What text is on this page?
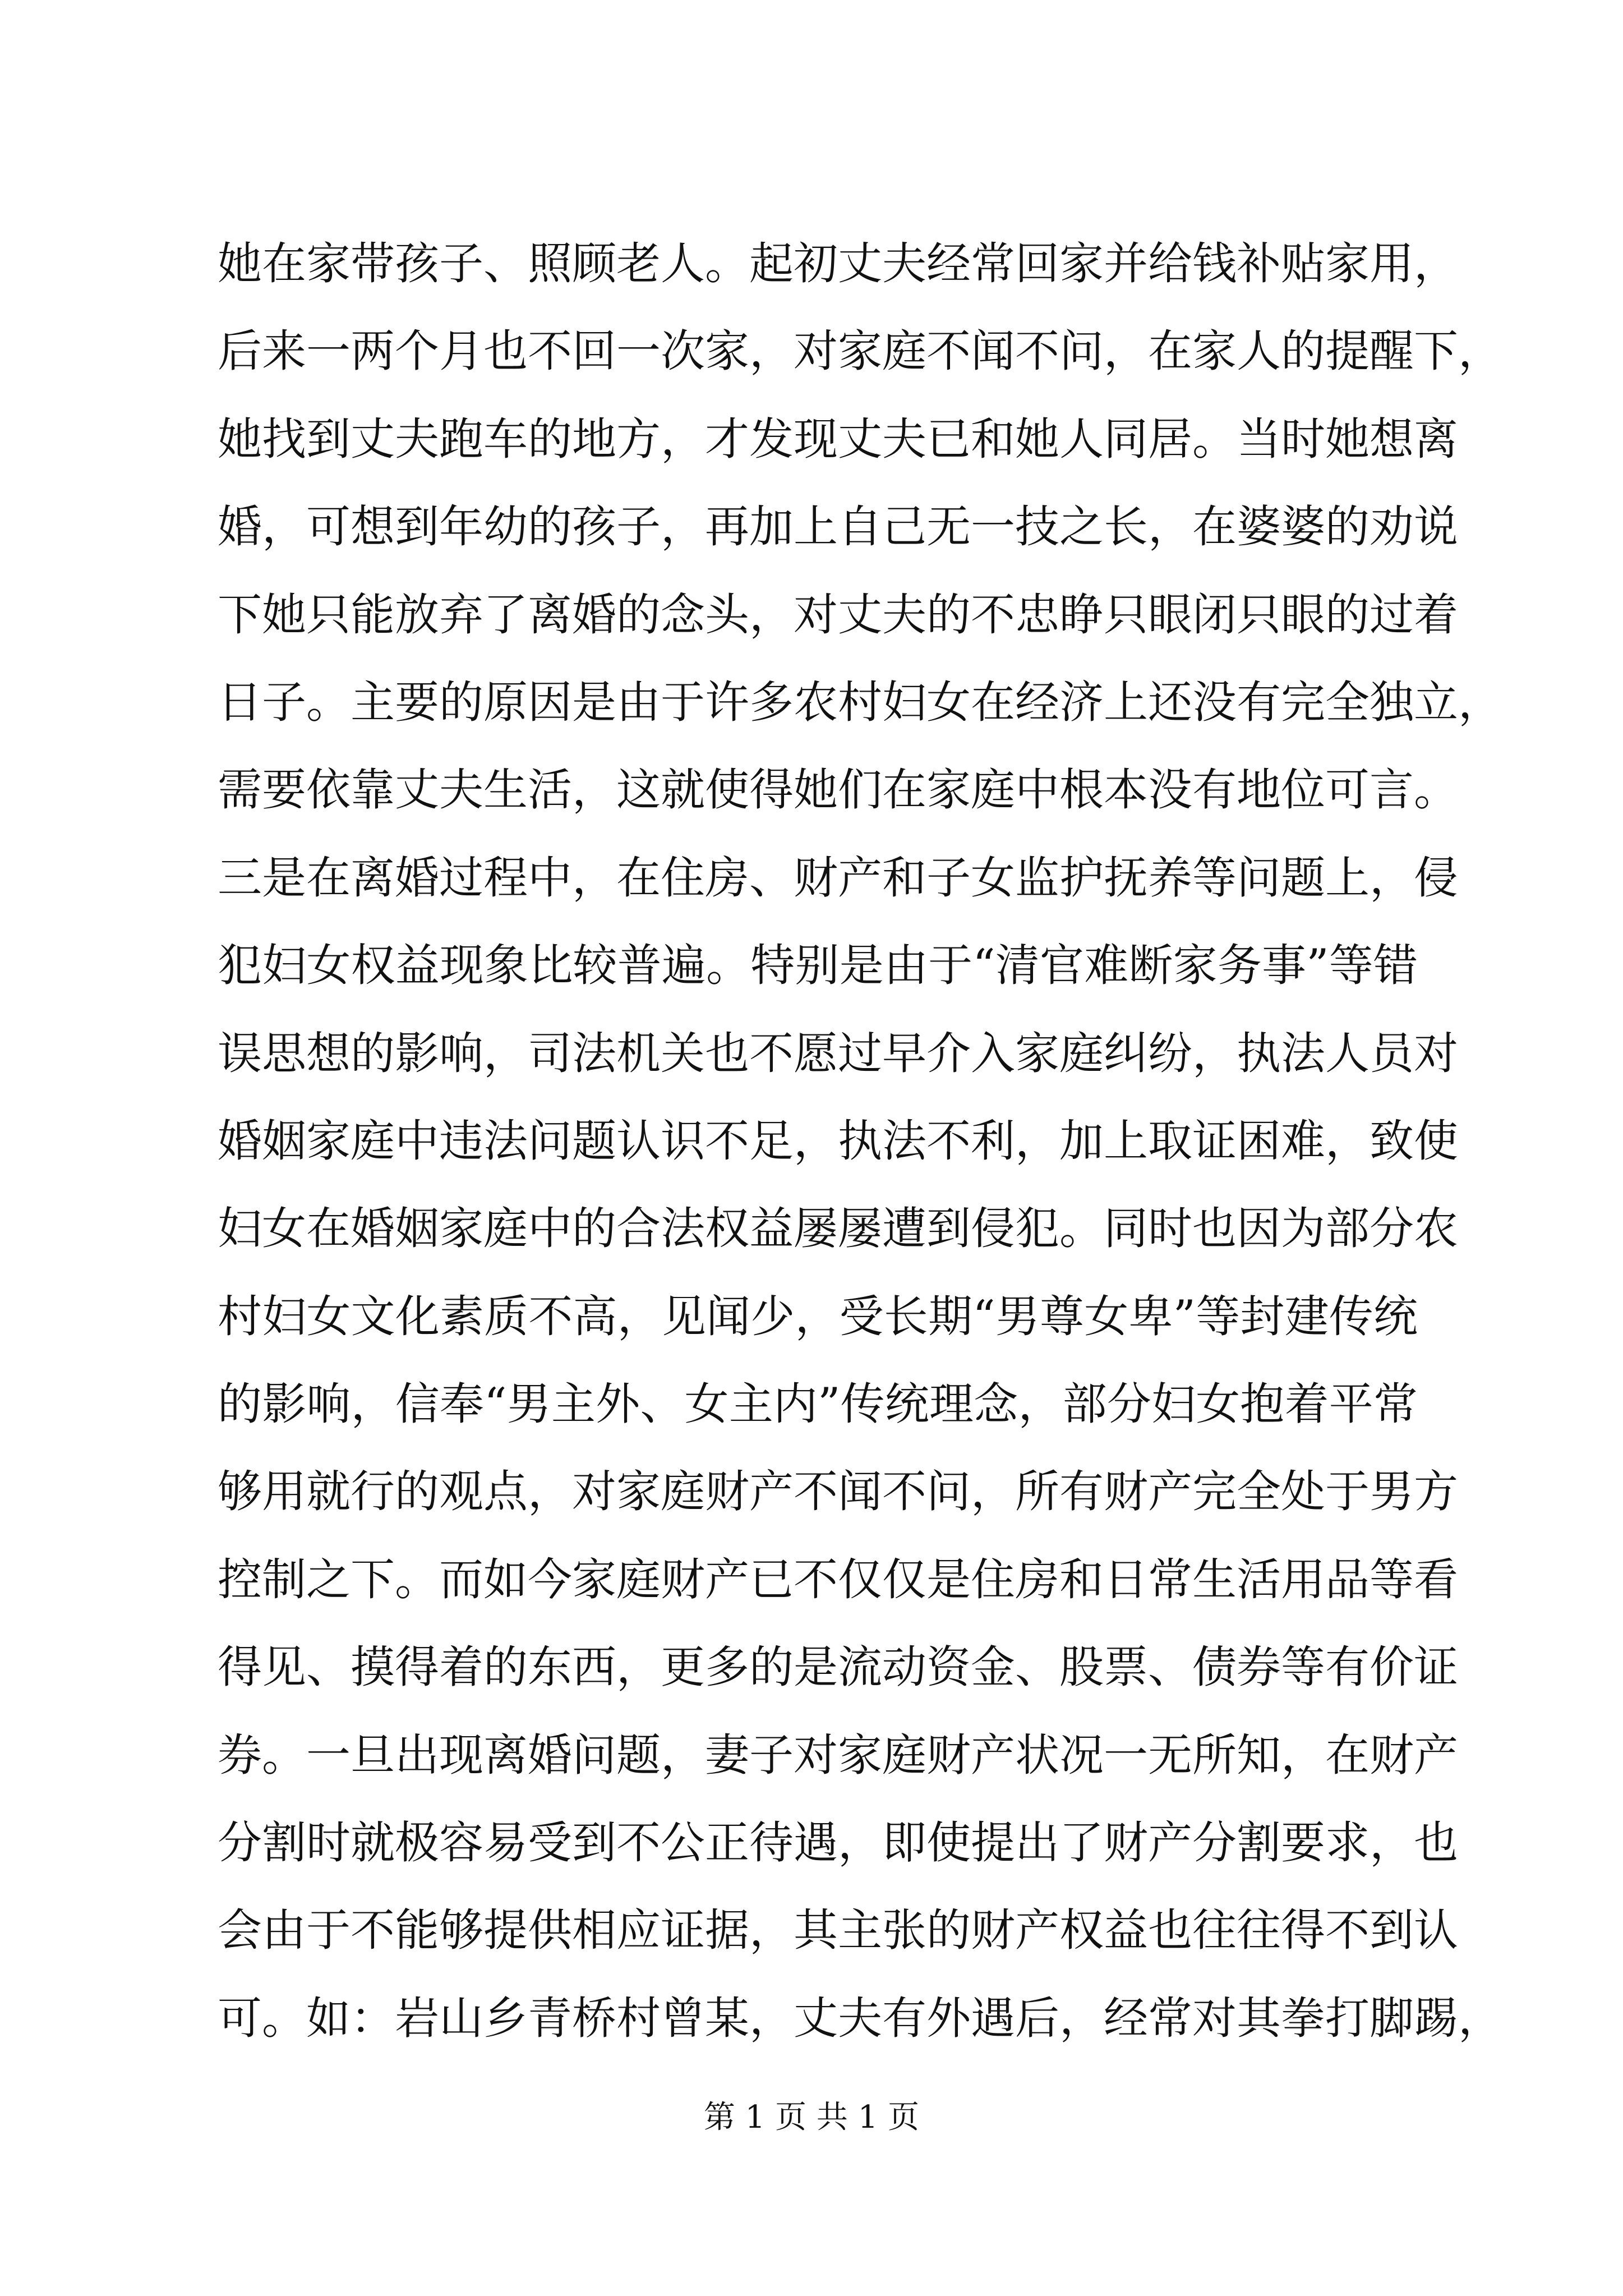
她在家带孩子、照顾老人。起初丈夫经常回家并给钱补贴家用，
后来一两个月也不回一次家，对家庭不闻不问，在家人的提醒下，
她找到丈夫跑车的地方，才发现丈夫已和她人同居。当时她想离
婚，可想到年幼的孩子，再加上自己无一技之长，在婆婆的劝说
下她只能放弃了离婚的念头，对丈夫的不忠睁只眼闭只眼的过着
日子。主要的原因是由于许多农村妇女在经济上还没有完全独立，
需要依靠丈夫生活，这就使得她们在家庭中根本没有地位可言。
三是在离婚过程中，在住房、财产和子女监护抚养等问题上，侵
犯妇女权益现象比较普遍。特别是由于“清官难断家务事”等错
误思想的影响，司法机关也不愿过早介入家庭纠纷，执法人员对
婚姻家庭中违法问题认识不足，执法不利，加上取证困难，致使
妇女在婚姻家庭中的合法权益屡屡遭到侵犯。同时也因为部分农
村妇女文化素质不高，见闻少，受长期“男尊女卑”等封建传统
的影响，信奉“男主外、女主内”传统理念，部分妇女抱着平常
够用就行的观点，对家庭财产不闻不问，所有财产完全处于男方
控制之下。而如今家庭财产已不仅仅是住房和日常生活用品等看
得见、摸得着的东西，更多的是流动资金、股票、债券等有价证
券。一旦出现离婚问题，妻子对家庭财产状况一无所知，在财产
分割时就极容易受到不公正待遇，即使提出了财产分割要求，也
会由于不能够提供相应证据，其主张的财产权益也往往得不到认
可。如：岩山乡青桥村曾某，丈夫有外遇后，经常对其拳打脚踢，
第 1 页 共 1 页
